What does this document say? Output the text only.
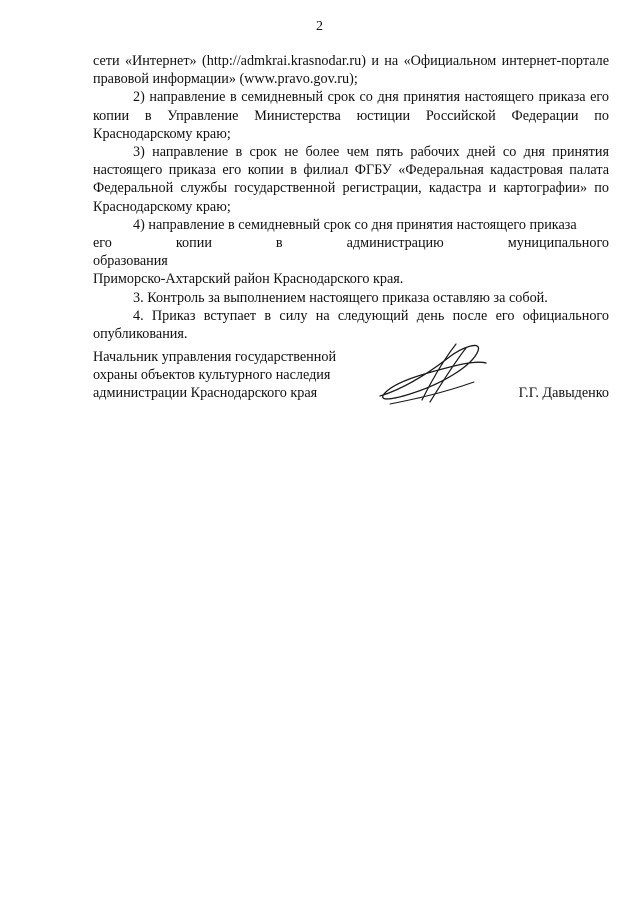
2

сети «Интернет» (http://admkrai.krasnodar.ru) и на «Официальном интернет-портале правовой информации» (www.pravo.gov.ru);

2) направление в семидневный срок со дня принятия настоящего приказа его копии в Управление Министерства юстиции Российской Федерации по Краснодарскому краю;

3) направление в срок не более чем пять рабочих дней со дня принятия настоящего приказа его копии в филиал ФГБУ «Федеральная кадастровая палата Федеральной службы государственной регистрации, кадастра и картографии» по Краснодарскому краю;

4) направление в семидневный срок со дня принятия настоящего приказа

его копии в администрацию муниципального образования

Приморско-Ахтарский район Краснодарского края.

3. Контроль за выполнением настоящего приказа оставляю за собой.

4. Приказ вступает в силу на следующий день после его официального опубликования.

Начальник управления государственной

охраны объектов культурного наследия

администрации Краснодарского края	Г.Г. Давыденко
